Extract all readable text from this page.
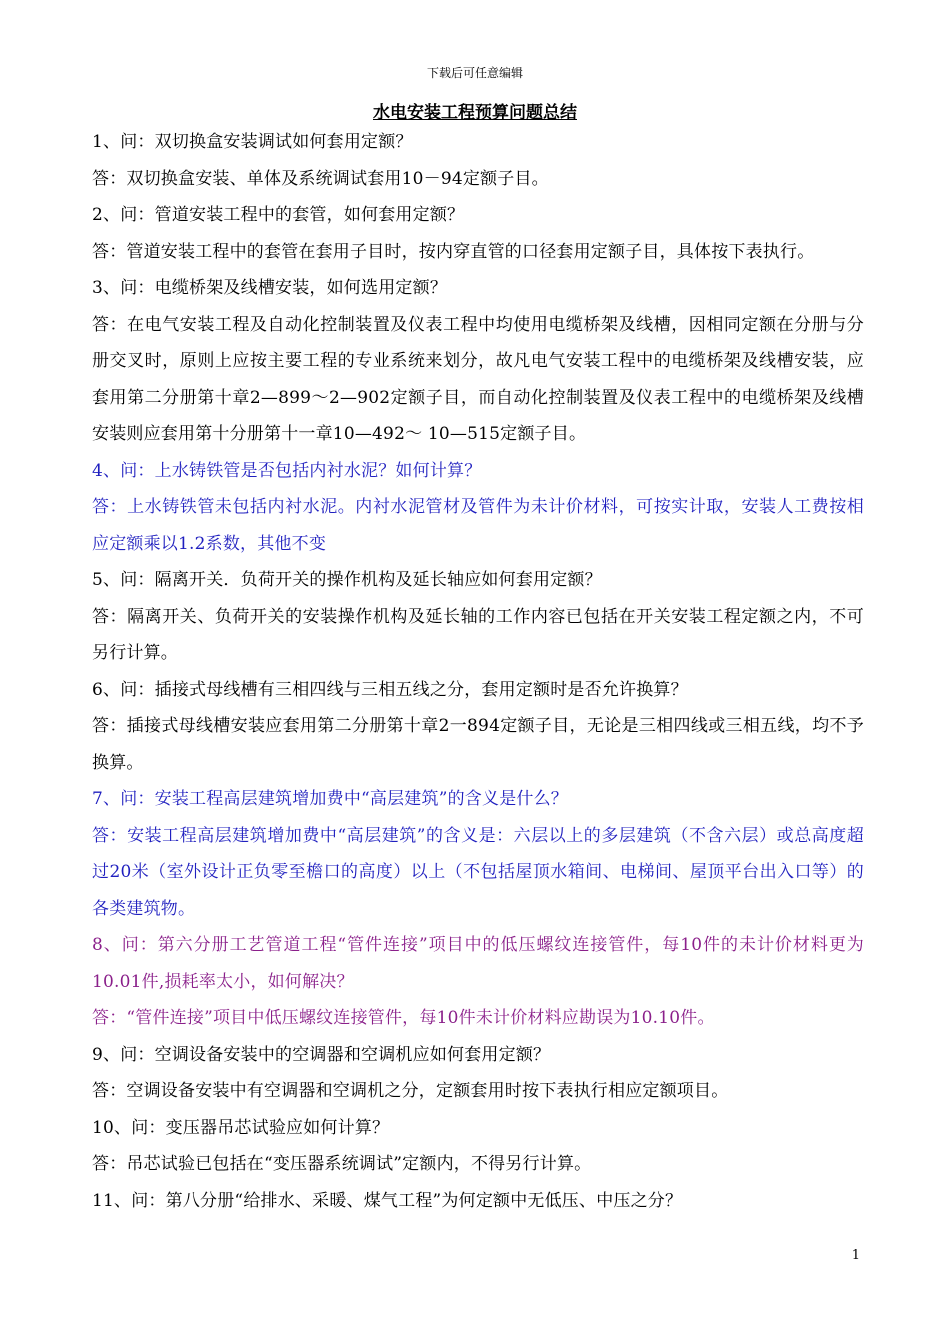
下载后可任意编辑
水电安装工程预算问题总结

1、问：双切换盒安装调试如何套用定额？

答：双切换盒安装、单体及系统调试套用10－94定额子目。

2、问：管道安装工程中的套管，如何套用定额？

答：管道安装工程中的套管在套用子目时，按内穿直管的口径套用定额子目，具体按下表执行。

3、问：电缆桥架及线槽安装，如何选用定额？

答：在电气安装工程及自动化控制装置及仪表工程中均使用电缆桥架及线槽，因相同定额在分册与分册交叉时，原则上应按主要工程的专业系统来划分，故凡电气安装工程中的电缆桥架及线槽安装，应套用第二分册第十章2—899～2—902定额子目，而自动化控制装置及仪表工程中的电缆桥架及线槽安装则应套用第十分册第十一章10—492～ 10—515定额子目。

4、问：上水铸铁管是否包括内衬水泥？如何计算？

答：上水铸铁管未包括内衬水泥。内衬水泥管材及管件为未计价材料，可按实计取，安装人工费按相应定额乘以1.2系数，其他不变

5、问：隔离开关．负荷开关的操作机构及延长轴应如何套用定额？

答：隔离开关、负荷开关的安装操作机构及延长轴的工作内容已包括在开关安装工程定额之内，不可另行计算。

6、问：插接式母线槽有三相四线与三相五线之分，套用定额时是否允许换算？

答：插接式母线槽安装应套用第二分册第十章2一894定额子目，无论是三相四线或三相五线，均不予换算。

7、问：安装工程高层建筑增加费中“高层建筑”的含义是什么？

答：安装工程高层建筑增加费中“高层建筑”的含义是：六层以上的多层建筑（不含六层）或总高度超过20米（室外设计正负零至檐口的高度）以上（不包括屋顶水箱间、电梯间、屋顶平台出入口等）的各类建筑物。

8、问：第六分册工艺管道工程“管件连接”项目中的低压螺纹连接管件，每10件的未计价材料更为10.01件,损耗率太小，如何解决？

答：“管件连接”项目中低压螺纹连接管件，每10件未计价材料应勘误为10.10件。

9、问：空调设备安装中的空调器和空调机应如何套用定额？

答：空调设备安装中有空调器和空调机之分，定额套用时按下表执行相应定额项目。

10、问：变压器吊芯试验应如何计算？

答：吊芯试验已包括在“变压器系统调试”定额内，不得另行计算。

11、问：第八分册“给排水、采暖、煤气工程”为何定额中无低压、中压之分？

1
